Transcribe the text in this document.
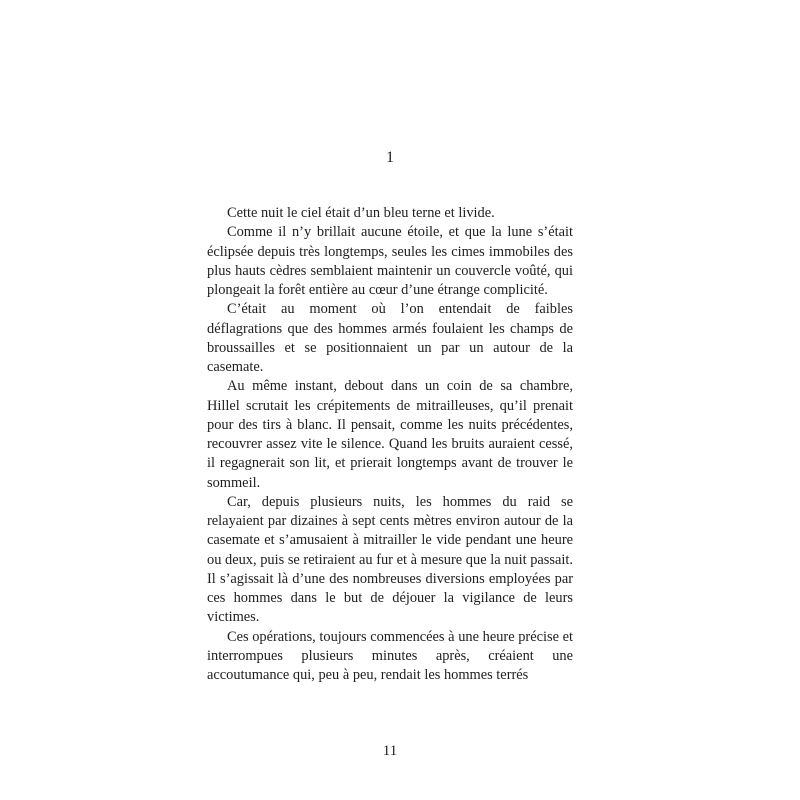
1

Cette nuit le ciel était d’un bleu terne et livide.

Comme il n’y brillait aucune étoile, et que la lune s’était éclipsée depuis très longtemps, seules les cimes immobiles des plus hauts cèdres semblaient maintenir un couvercle voûté, qui plongeait la forêt entière au cœur d’une étrange complicité.

C’était au moment où l’on entendait de faibles déflagrations que des hommes armés foulaient les champs de broussailles et se positionnaient un par un autour de la casemate.

Au même instant, debout dans un coin de sa chambre, Hillel scrutait les crépitements de mitrailleuses, qu’il prenait pour des tirs à blanc. Il pensait, comme les nuits précédentes, recouvrer assez vite le silence. Quand les bruits auraient cessé, il regagnerait son lit, et prierait longtemps avant de trouver le sommeil.

Car, depuis plusieurs nuits, les hommes du raid se relayaient par dizaines à sept cents mètres environ autour de la casemate et s’amusaient à mitrailler le vide pendant une heure ou deux, puis se retiraient au fur et à mesure que la nuit passait. Il s’agissait là d’une des nombreuses diversions employées par ces hommes dans le but de déjouer la vigilance de leurs victimes.

Ces opérations, toujours commencées à une heure précise et interrompues plusieurs minutes après, créaient une accoutumance qui, peu à peu, rendait les hommes terrés

11
